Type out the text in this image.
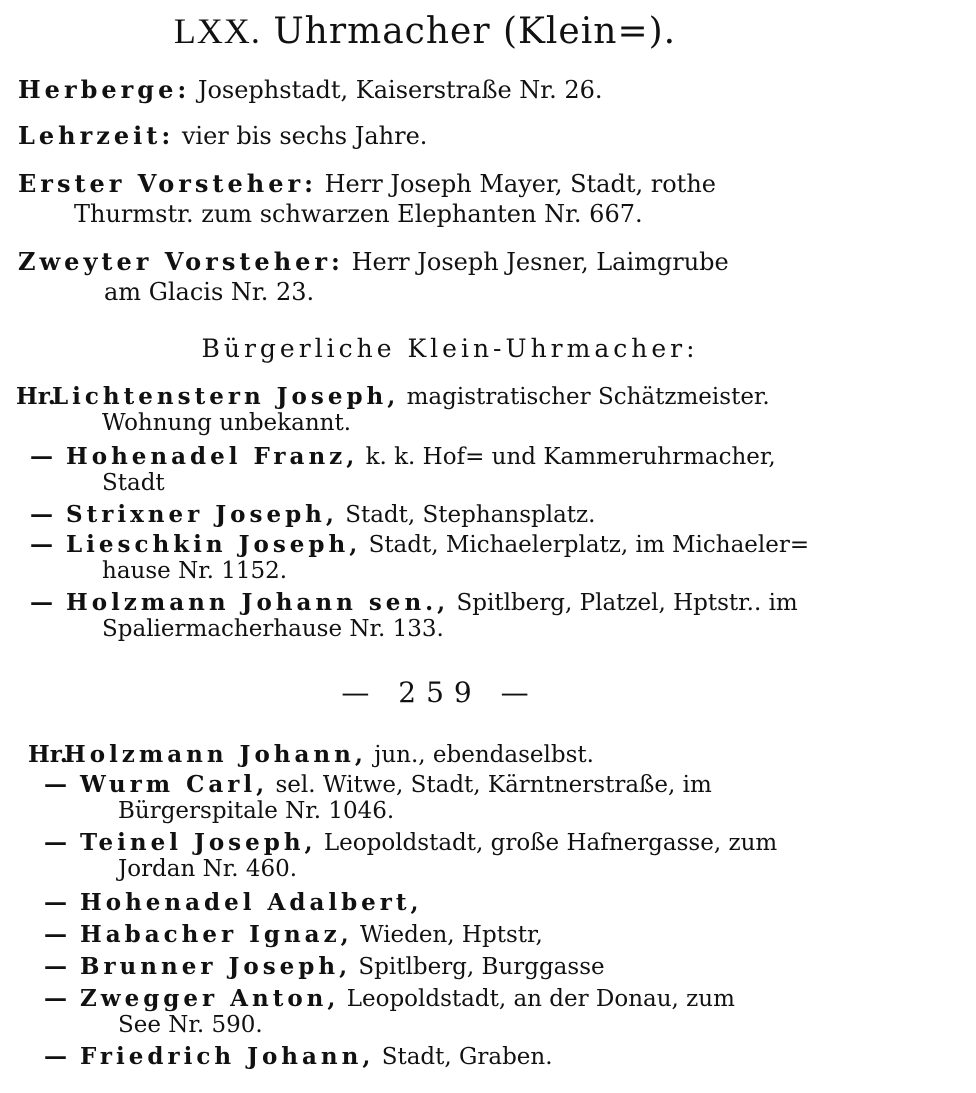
LXX. Uhrmacher (Klein=).
Herberge: Josephstadt, Kaiserstraße Nr. 26.
Lehrzeit: vier bis sechs Jahre.
Erster Vorsteher: Herr Joseph Mayer, Stadt, rothe
Thurmstr. zum schwarzen Elephanten Nr. 667.
Zweyter Vorsteher: Herr Joseph Jesner, Laimgrube
am Glacis Nr. 23.
Bürgerliche Klein-Uhrmacher:
Hr.Lichtenstern Joseph, magistratischer Schätzmeister.
Wohnung unbekannt.
— Hohenadel Franz, k. k. Hof= und Kammeruhrmacher,
Stadt
— Strixner Joseph, Stadt, Stephansplatz.
— Lieschkin Joseph, Stadt, Michaelerplatz, im Michaeler=
hause Nr. 1152.
— Holzmann Johann sen., Spitlberg, Platzel, Hptstr.. im
Spaliermacherhause Nr. 133.
— 259 —
Hr.Holzmann Johann, jun., ebendaselbst.
— Wurm Carl, sel. Witwe, Stadt, Kärntnerstraße, im
Bürgerspitale Nr. 1046.
— Teinel Joseph, Leopoldstadt, große Hafnergasse, zum
Jordan Nr. 460.
— Hohenadel Adalbert,
— Habacher Ignaz, Wieden, Hptstr,
— Brunner Joseph, Spitlberg, Burggasse
— Zwegger Anton, Leopoldstadt, an der Donau, zum
See Nr. 590.
— Friedrich Johann, Stadt, Graben.
